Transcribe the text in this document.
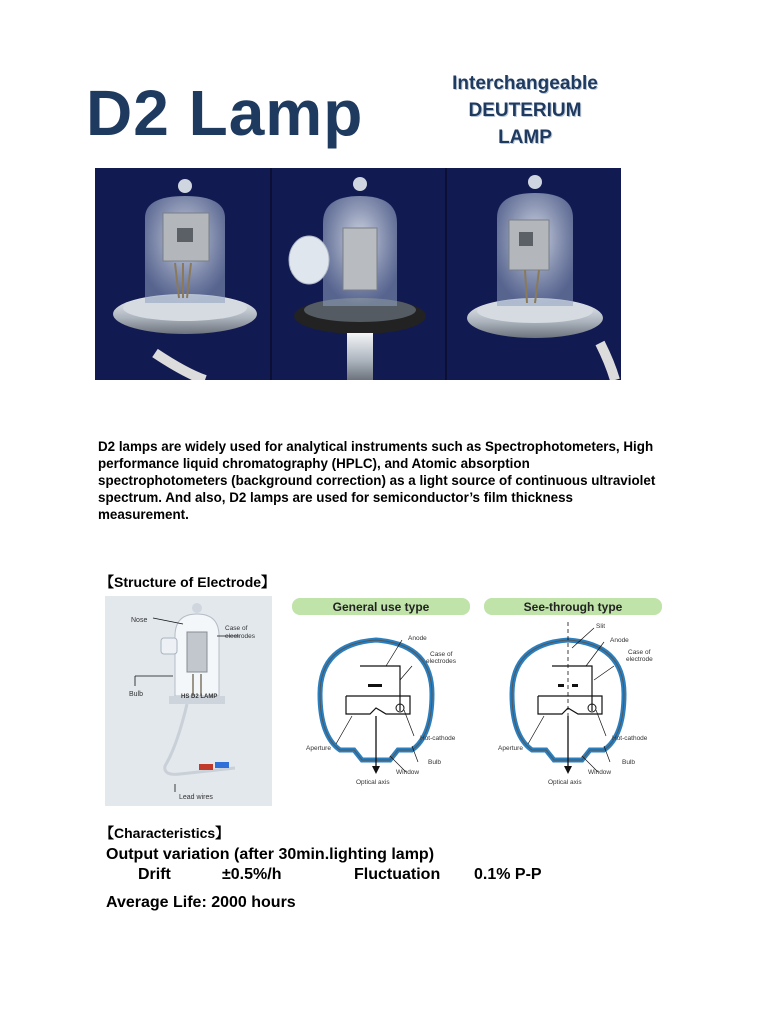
D2 Lamp	Interchangeable
DEUTERIUM
LAMP
D2 lamps are widely used for analytical instruments such as Spectrophotometers, High performance liquid chromatography (HPLC), and Atomic absorption spectrophotometers (background correction) as a light source of continuous ultraviolet spectrum. And also, D2 lamps are used for semiconductor’s film thickness measurement.
【Structure of Electrode】
Nose
Case of electrodes
Bulb	HS D2 LAMP
Lead wires
General use type
Anode
Case of electrodes
Hot-cathode
Aperture
Bulb
Window
Optical axis
See-through type
Slit
Anode
Case of electrode
Hot-cathode
Aperture
Bulb
Window
Optical axis
【Characteristics】
Output variation (after 30min.lighting lamp)
Drift	±0.5%/h	Fluctuation 0.1% P-P
Average Life: 2000 hours
